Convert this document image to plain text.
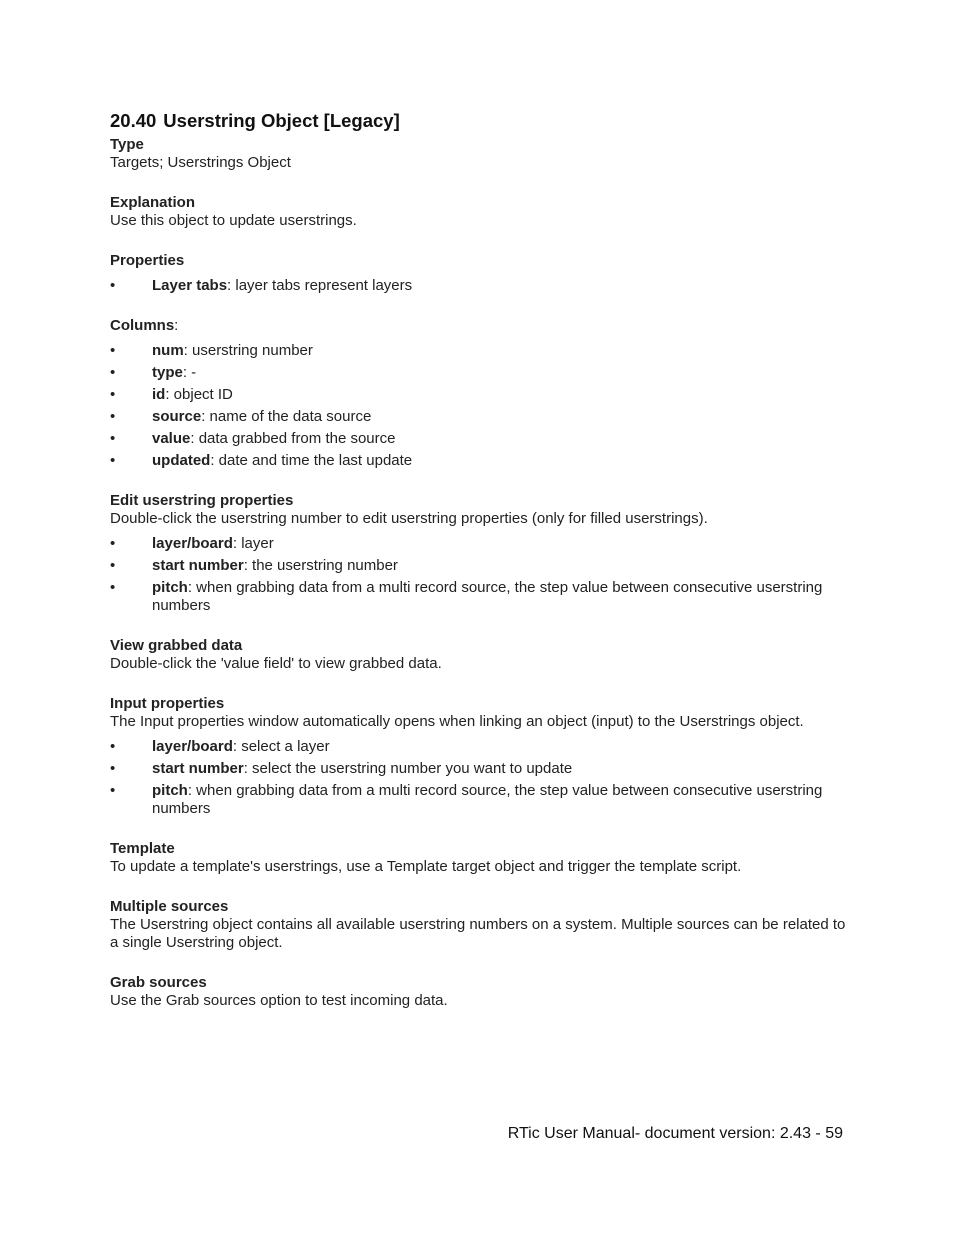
20.40 Userstring Object [Legacy]

Type

Targets; Userstrings Object

Explanation

Use this object to update userstrings.

Properties

• Layer tabs: layer tabs represent layers

Columns:

• num: userstring number
• type: -
• id: object ID
• source: name of the data source
• value: data grabbed from the source
• updated: date and time the last update

Edit userstring properties

Double-click the userstring number to edit userstring properties (only for filled userstrings).

• layer/board: layer
• start number: the userstring number
• pitch: when grabbing data from a multi record source, the step value between consecutive userstring numbers

View grabbed data

Double-click the 'value field' to view grabbed data.

Input properties

The Input properties window automatically opens when linking an object (input) to the Userstrings object.

• layer/board: select a layer
• start number: select the userstring number you want to update
• pitch: when grabbing data from a multi record source, the step value between consecutive userstring numbers

Template

To update a template's userstrings, use a Template target object and trigger the template script.

Multiple sources

The Userstring object contains all available userstring numbers on a system. Multiple sources can be related to a single Userstring object.

Grab sources

Use the Grab sources option to test incoming data.

RTic User Manual- document version: 2.43 - 59
